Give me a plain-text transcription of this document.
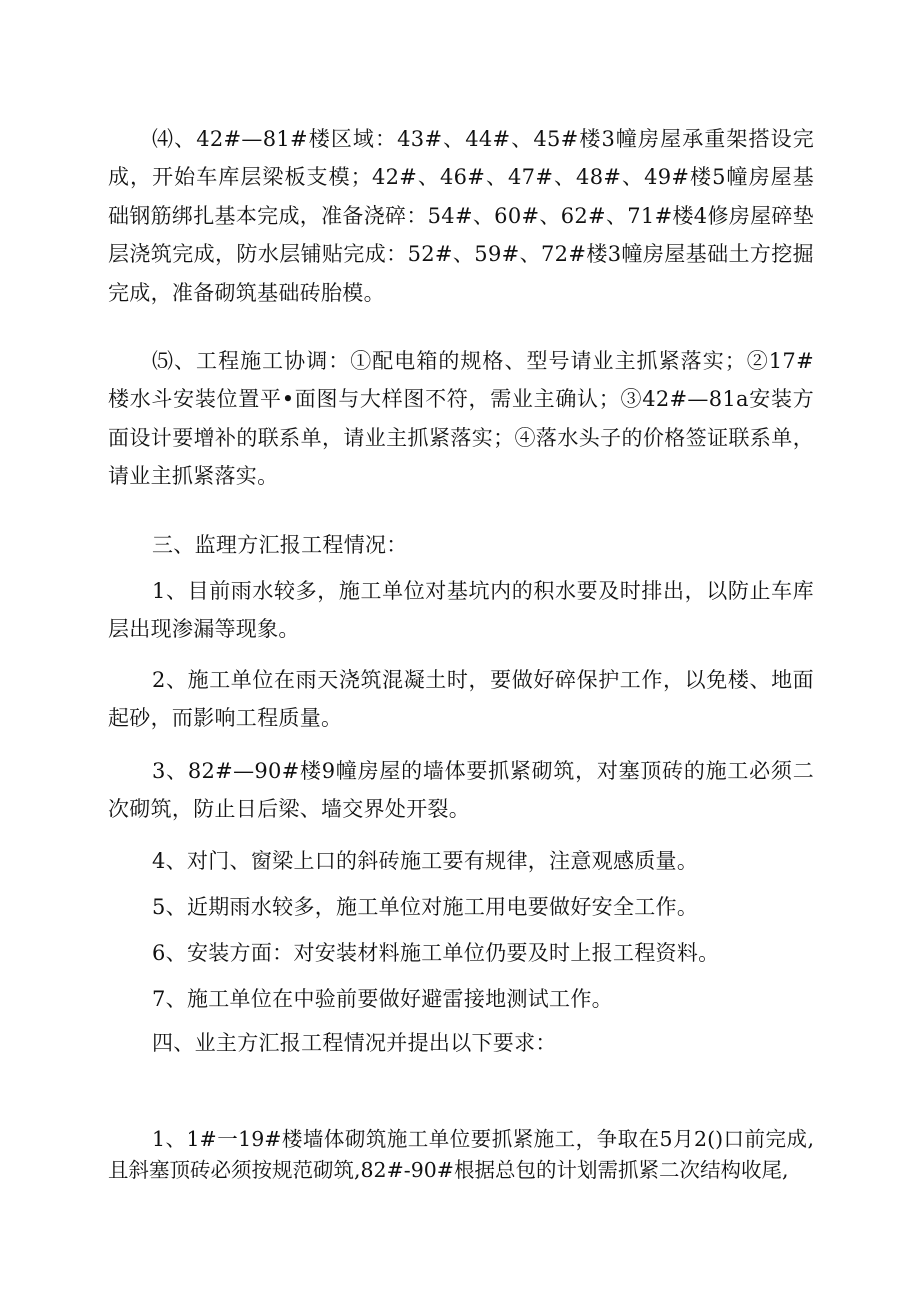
⑷、42#—81#楼区域：43#、44#、45#楼3幢房屋承重架搭设完成，开始车库层梁板支模；42#、46#、47#、48#、49#楼5幢房屋基础钢筋绑扎基本完成，准备浇碎：54#、60#、62#、71#楼4修房屋碎垫层浇筑完成，防水层铺贴完成：52#、59#、72#楼3幢房屋基础土方挖掘完成，准备砌筑基础砖胎模。

⑸、工程施工协调：①配电箱的规格、型号请业主抓紧落实；②17#楼水斗安装位置平•面图与大样图不符，需业主确认；③42#—81a安装方面设计要增补的联系单，请业主抓紧落实；④落水头子的价格签证联系单，请业主抓紧落实。

三、监理方汇报工程情况：

1、目前雨水较多，施工单位对基坑内的积水要及时排出，以防止车库层出现渗漏等现象。

2、施工单位在雨天浇筑混凝土时，要做好碎保护工作，以免楼、地面起砂，而影响工程质量。

3、82#—90#楼9幢房屋的墙体要抓紧砌筑，对塞顶砖的施工必须二次砌筑，防止日后梁、墙交界处开裂。

4、对门、窗梁上口的斜砖施工要有规律，注意观感质量。

5、近期雨水较多，施工单位对施工用电要做好安全工作。

6、安装方面：对安装材料施工单位仍要及时上报工程资料。

7、施工单位在中验前要做好避雷接地测试工作。

四、业主方汇报工程情况并提出以下要求：

1、1#一19#楼墙体砌筑施工单位要抓紧施工，争取在5月2()口前完成,且斜塞顶砖必须按规范砌筑,82#-90#根据总包的计划需抓紧二次结构收尾,
